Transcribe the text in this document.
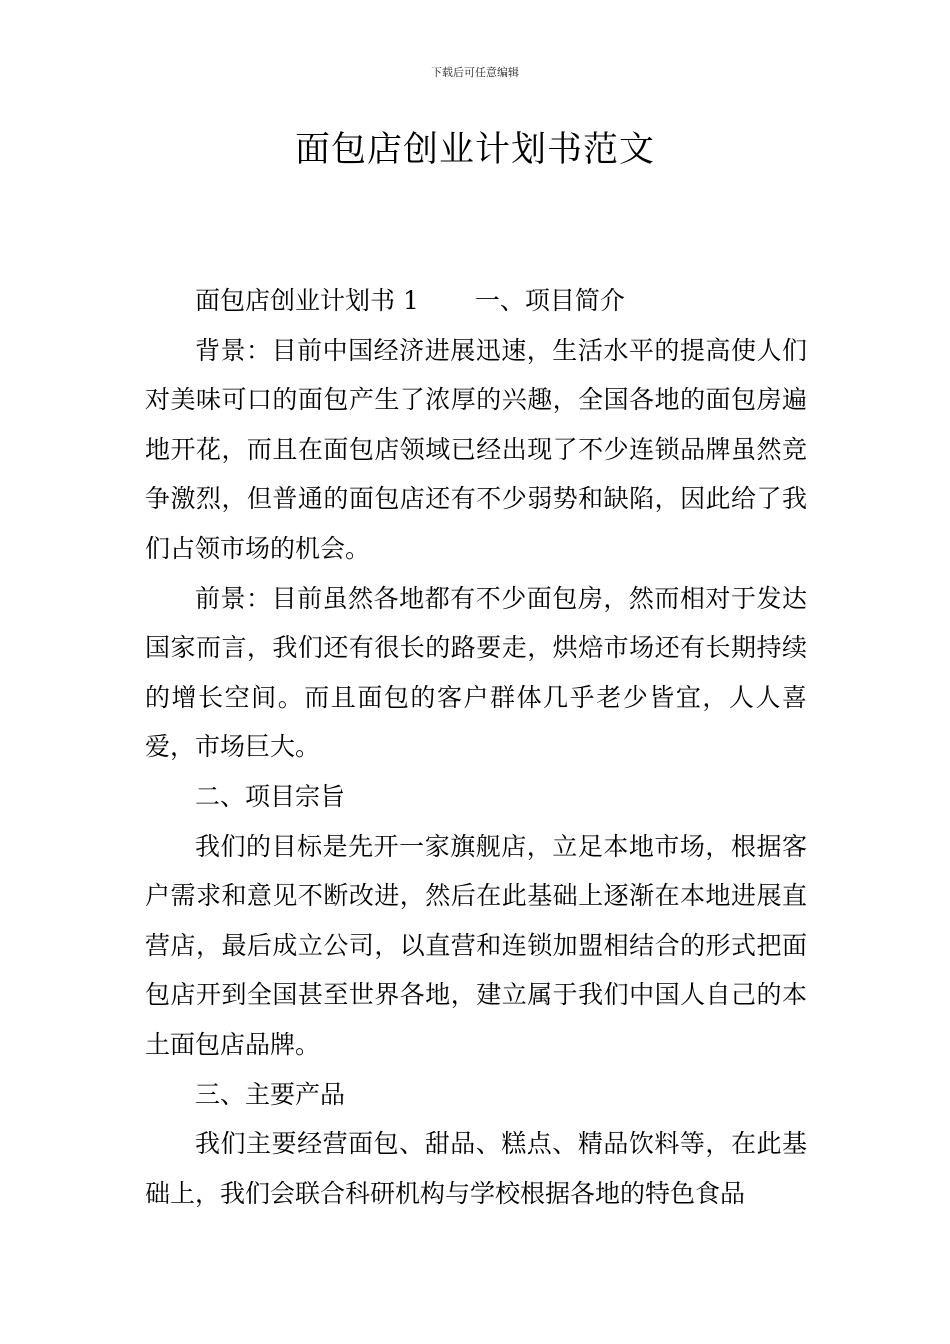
下载后可任意编辑
面包店创业计划书范文

面包店创业计划书 1 一、项目简介

背景：目前中国经济进展迅速，生活水平的提高使人们对美味可口的面包产生了浓厚的兴趣，全国各地的面包房遍地开花，而且在面包店领域已经出现了不少连锁品牌虽然竞争激烈，但普通的面包店还有不少弱势和缺陷，因此给了我们占领市场的机会。

前景：目前虽然各地都有不少面包房，然而相对于发达国家而言，我们还有很长的路要走，烘焙市场还有长期持续的增长空间。而且面包的客户群体几乎老少皆宜，人人喜爱，市场巨大。

二、项目宗旨

我们的目标是先开一家旗舰店，立足本地市场，根据客户需求和意见不断改进，然后在此基础上逐渐在本地进展直营店，最后成立公司，以直营和连锁加盟相结合的形式把面包店开到全国甚至世界各地，建立属于我们中国人自己的本土面包店品牌。

三、主要产品

我们主要经营面包、甜品、糕点、精品饮料等，在此基础上，我们会联合科研机构与学校根据各地的特色食品
